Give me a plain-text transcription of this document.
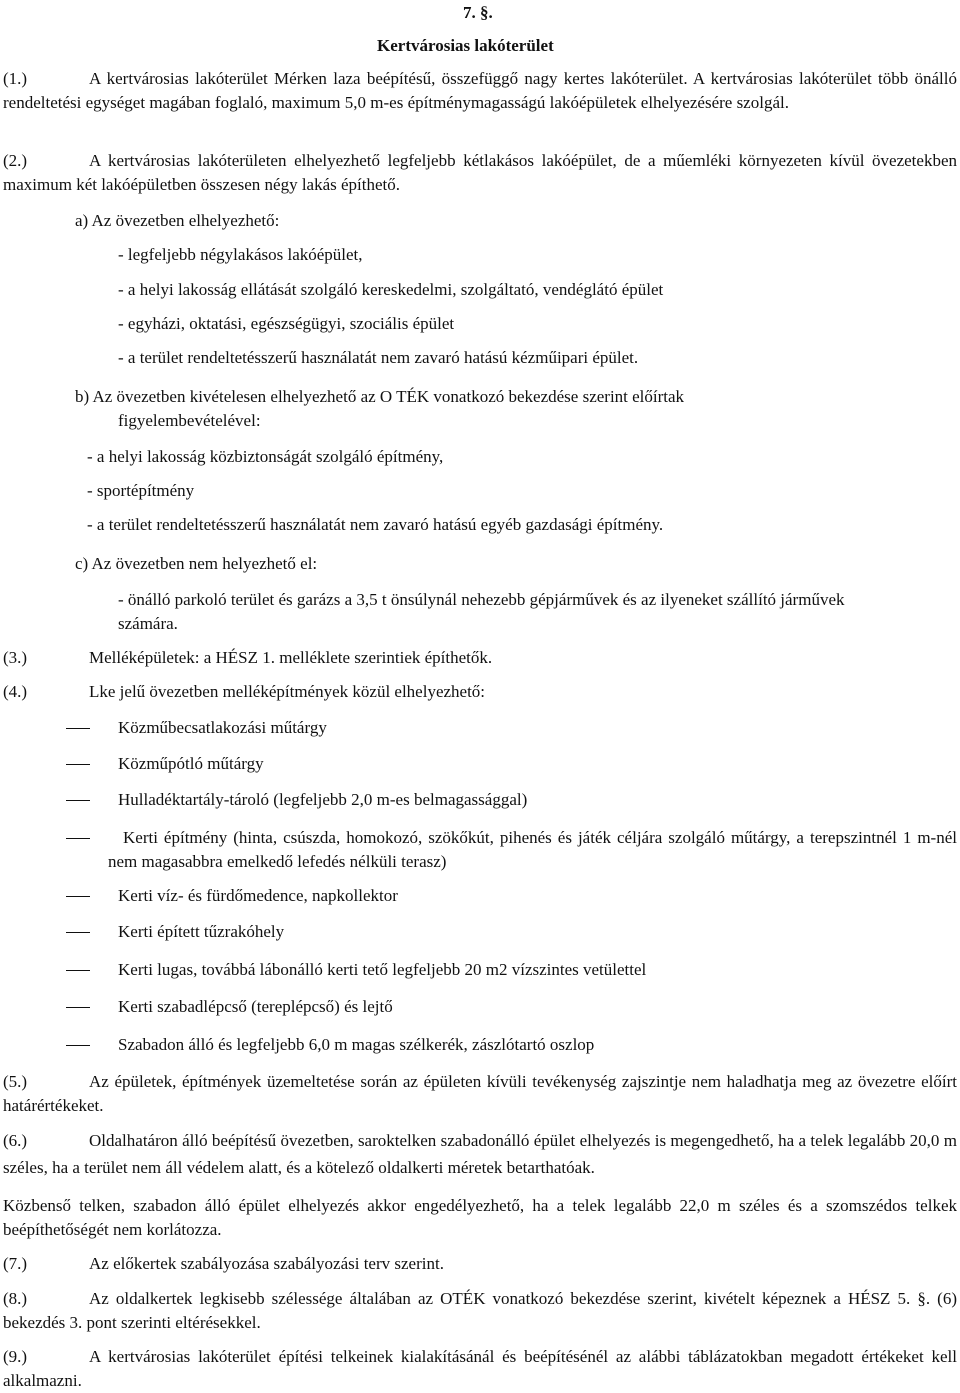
7. §.
Kertvárosias lakóterület

(1.)	A kertvárosias lakóterület Mérken laza beépítésű, összefüggő nagy kertes lakóterület. A kertvárosias lakóterület több önálló rendeltetési egységet magában foglaló, maximum 5,0 m-es építménymagasságú lakóépületek elhelyezésére szolgál.

(2.)	A kertvárosias lakóterületen elhelyezhető legfeljebb kétlakásos lakóépület, de a műemléki környezeten kívül övezetekben maximum két lakóépületben összesen négy lakás építhető.

a) Az övezetben elhelyezhető:
- legfeljebb négylakásos lakóépület,
- a helyi lakosság ellátását szolgáló kereskedelmi, szolgáltató, vendéglátó épület
- egyházi, oktatási, egészségügyi, szociális épület
- a terület rendeltetésszerű használatát nem zavaró hatású kézműipari épület.
b) Az övezetben kivételesen elhelyezhető az O TÉK vonatkozó bekezdése szerint előírtak figyelembevételével:
- a helyi lakosság közbiztonságát szolgáló építmény,
- sportépítmény
- a terület rendeltetésszerű használatát nem zavaró hatású egyéb gazdasági építmény.
c) Az övezetben nem helyezhető el:
- önálló parkoló terület és garázs a 3,5 t önsúlynál nehezebb gépjárművek és az ilyeneket szállító járművek számára.

(3.)	Melléképületek: a HÉSZ 1. melléklete szerintiek építhetők.

(4.)	Lke jelű övezetben melléképítmények közül elhelyezhető:

Közműbecsatlakozási műtárgy
Közműpótló műtárgy
Hulladéktartály-tároló (legfeljebb 2,0 m-es belmagassággal)
Kerti építmény (hinta, csúszda, homokozó, szökőkút, pihenés és játék céljára szolgáló műtárgy, a terepszintnél 1 m-nél nem magasabbra emelkedő lefedés nélküli terasz)
Kerti víz- és fürdőmedence, napkollektor
Kerti épített tűzrakóhely
Kerti lugas, továbbá lábonálló kerti tető legfeljebb 20 m2 vízszintes vetülettel
Kerti szabadlépcső (tereplépcső) és lejtő
Szabadon álló és legfeljebb 6,0 m magas szélkerék, zászlótartó oszlop

(5.)	Az épületek, építmények üzemeltetése során az épületen kívüli tevékenység zajszintje nem haladhatja meg az övezetre előírt határértékeket.

(6.)	Oldalhatáron álló beépítésű övezetben, saroktelken szabadonálló épület elhelyezés is megengedhető, ha a telek legalább 20,0 m széles, ha a terület nem áll védelem alatt, és a kötelező oldalkerti méretek betarthatóak.

Közbenső telken, szabadon álló épület elhelyezés akkor engedélyezhető, ha a telek legalább 22,0 m széles és a szomszédos telkek beépíthetőségét nem korlátozza.

(7.)	Az előkertek szabályozása szabályozási terv szerint.

(8.)	Az oldalkertek legkisebb szélessége általában az OTÉK vonatkozó bekezdése szerint, kivételt képeznek a HÉSZ 5. §. (6) bekezdés 3. pont szerinti eltérésekkel.

(9.)	A kertvárosias lakóterület építési telkeinek kialakításánál és beépítésénél az alábbi táblázatokban megadott értékeket kell alkalmazni.
